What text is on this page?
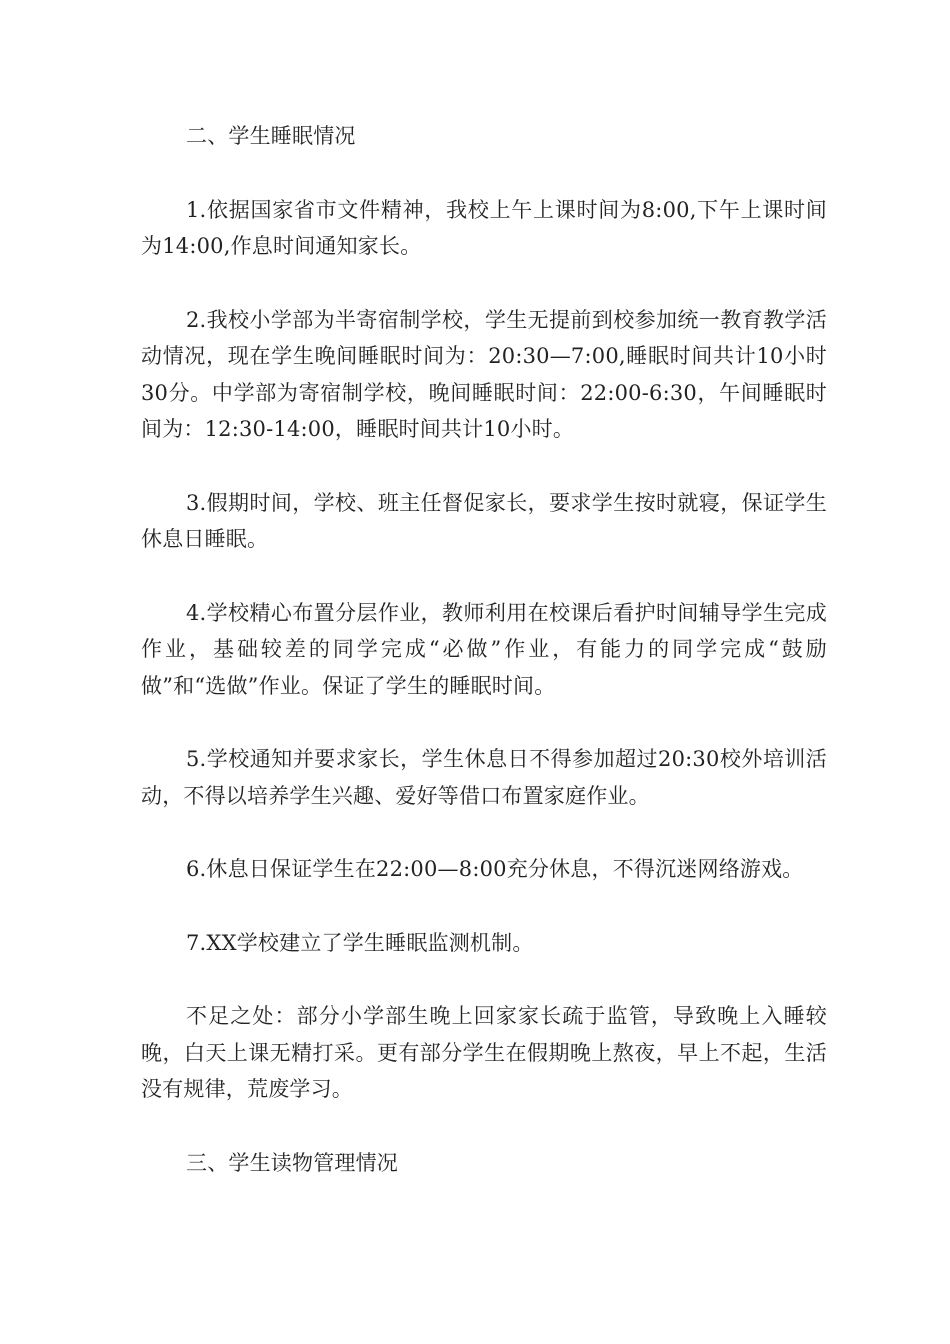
二、学生睡眠情况

1.依据国家省市文件精神，我校上午上课时间为8:00,下午上课时间为14:00,作息时间通知家长。

2.我校小学部为半寄宿制学校，学生无提前到校参加统一教育教学活动情况，现在学生晚间睡眠时间为：20:30—7:00,睡眠时间共计10小时30分。中学部为寄宿制学校，晚间睡眠时间：22:00-6:30，午间睡眠时间为：12:30-14:00，睡眠时间共计10小时。

3.假期时间，学校、班主任督促家长，要求学生按时就寝，保证学生休息日睡眠。

4.学校精心布置分层作业，教师利用在校课后看护时间辅导学生完成作业，基础较差的同学完成“必做”作业，有能力的同学完成“鼓励做”和“选做”作业。保证了学生的睡眠时间。

5.学校通知并要求家长，学生休息日不得参加超过20:30校外培训活动，不得以培养学生兴趣、爱好等借口布置家庭作业。

6.休息日保证学生在22:00—8:00充分休息，不得沉迷网络游戏。

7.XX学校建立了学生睡眠监测机制。

不足之处：部分小学部生晚上回家家长疏于监管，导致晚上入睡较晚，白天上课无精打采。更有部分学生在假期晚上熬夜，早上不起，生活没有规律，荒废学习。

三、学生读物管理情况
